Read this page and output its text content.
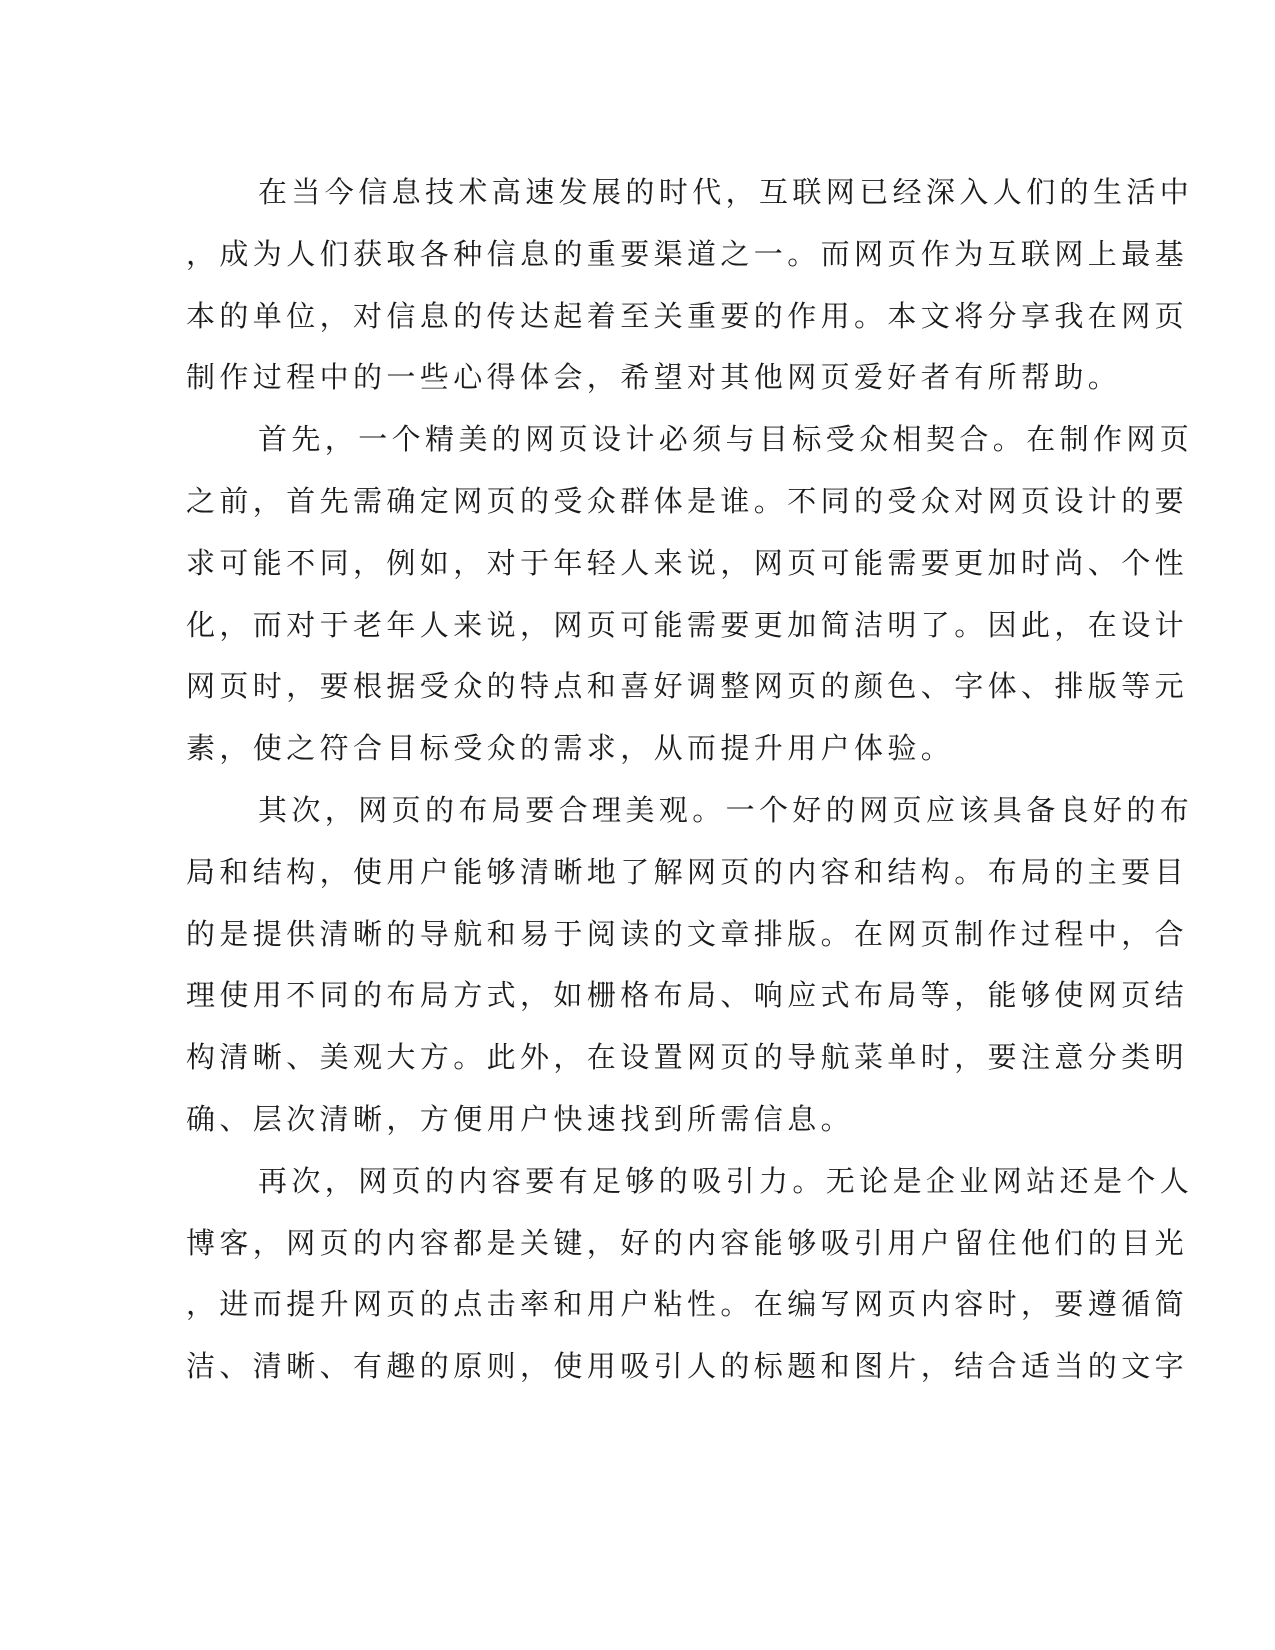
在当今信息技术高速发展的时代，互联网已经深入人们的生活中
，成为人们获取各种信息的重要渠道之一。而网页作为互联网上最基
本的单位，对信息的传达起着至关重要的作用。本文将分享我在网页
制作过程中的一些心得体会，希望对其他网页爱好者有所帮助。

首先，一个精美的网页设计必须与目标受众相契合。在制作网页
之前，首先需确定网页的受众群体是谁。不同的受众对网页设计的要
求可能不同，例如，对于年轻人来说，网页可能需要更加时尚、个性
化，而对于老年人来说，网页可能需要更加简洁明了。因此，在设计
网页时，要根据受众的特点和喜好调整网页的颜色、字体、排版等元
素，使之符合目标受众的需求，从而提升用户体验。

其次，网页的布局要合理美观。一个好的网页应该具备良好的布
局和结构，使用户能够清晰地了解网页的内容和结构。布局的主要目
的是提供清晰的导航和易于阅读的文章排版。在网页制作过程中，合
理使用不同的布局方式，如栅格布局、响应式布局等，能够使网页结
构清晰、美观大方。此外，在设置网页的导航菜单时，要注意分类明
确、层次清晰，方便用户快速找到所需信息。

再次，网页的内容要有足够的吸引力。无论是企业网站还是个人
博客，网页的内容都是关键，好的内容能够吸引用户留住他们的目光
，进而提升网页的点击率和用户粘性。在编写网页内容时，要遵循简
洁、清晰、有趣的原则，使用吸引人的标题和图片，结合适当的文字
